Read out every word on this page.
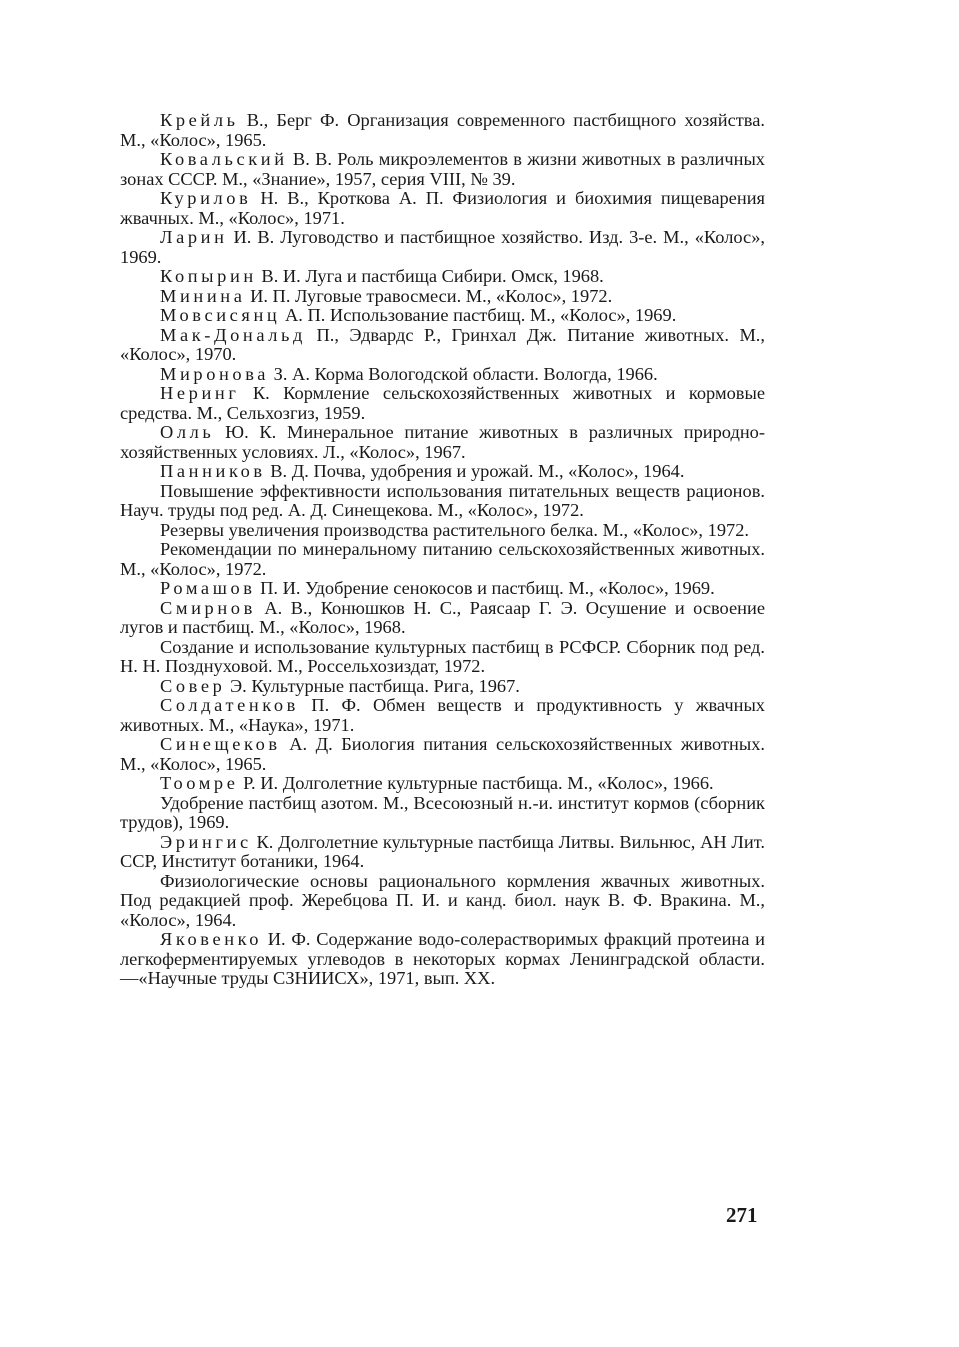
Крейль В., Берг Ф. Организация современного пастбищного хозяйства. М., «Колос», 1965.

Ковальский В. В. Роль микроэлементов в жизни животных в различных зонах СССР. М., «Знание», 1957, серия VIII, № 39.

Курилов Н. В., Кроткова А. П. Физиология и биохимия пищеварения жвачных. М., «Колос», 1971.

Ларин И. В. Луговодство и пастбищное хозяйство. Изд. 3-е. М., «Колос», 1969.

Копырин В. И. Луга и пастбища Сибири. Омск, 1968.

Минина И. П. Луговые травосмеси. М., «Колос», 1972.

Мовсисянц А. П. Использование пастбищ. М., «Колос», 1969.

Мак-Дональд П., Эдвардс Р., Гринхал Дж. Питание животных. М., «Колос», 1970.

Миронова З. А. Корма Вологодской области. Вологда, 1966.

Неринг К. Кормление сельскохозяйственных животных и кормовые средства. М., Сельхозгиз, 1959.

Олль Ю. К. Минеральное питание животных в различных природно-хозяйственных условиях. Л., «Колос», 1967.

Панников В. Д. Почва, удобрения и урожай. М., «Колос», 1964.

Повышение эффективности использования питательных веществ рационов. Науч. труды под ред. А. Д. Синещекова. М., «Колос», 1972.

Резервы увеличения производства растительного белка. М., «Колос», 1972.

Рекомендации по минеральному питанию сельскохозяйственных животных. М., «Колос», 1972.

Ромашов П. И. Удобрение сенокосов и пастбищ. М., «Колос», 1969.

Смирнов А. В., Конюшков Н. С., Раясаар Г. Э. Осушение и освоение лугов и пастбищ. М., «Колос», 1968.

Создание и использование культурных пастбищ в РСФСР. Сборник под ред. Н. Н. Позднуховой. М., Россельхозиздат, 1972.

Совер Э. Культурные пастбища. Рига, 1967.

Солдатенков П. Ф. Обмен веществ и продуктивность у жвачных животных. М., «Наука», 1971.

Синещеков А. Д. Биология питания сельскохозяйственных животных. М., «Колос», 1965.

Тоомре Р. И. Долголетние культурные пастбища. М., «Колос», 1966.

Удобрение пастбищ азотом. М., Всесоюзный н.-и. институт кормов (сборник трудов), 1969.

Эрингис К. Долголетние культурные пастбища Литвы. Вильнюс, АН Лит. ССР, Институт ботаники, 1964.

Физиологические основы рационального кормления жвачных животных. Под редакцией проф. Жеребцова П. И. и канд. биол. наук В. Ф. Вракина. М., «Колос», 1964.

Яковенко И. Ф. Содержание водо-солерастворимых фракций протеина и легкоферментируемых углеводов в некоторых кормах Ленинградской области. —«Научные труды СЗНИИСХ», 1971, вып. XX.

271
